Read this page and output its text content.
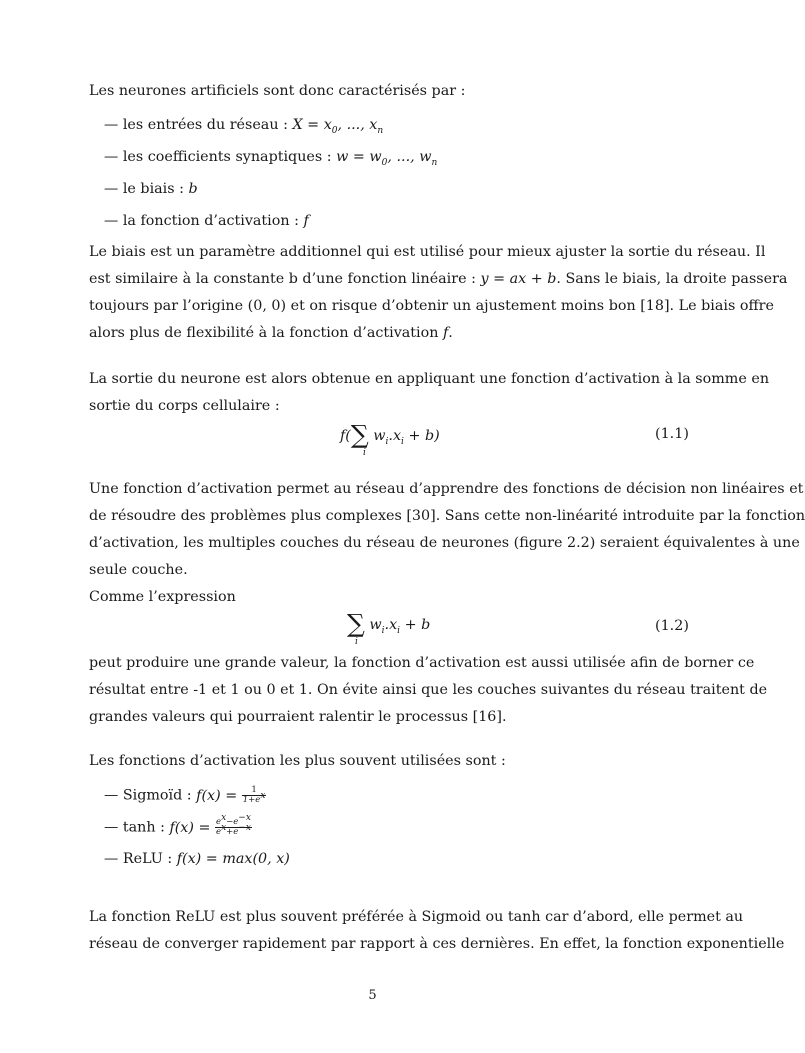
Les neurones artificiels sont donc caractérisés par :
— les entrées du réseau : $X = x_0$, ..., $x_n$
— les coefficients synaptiques : $w = w_0$, ..., $w_n$
— le biais : b
— la fonction d’activation : f
Le biais est un paramètre additionnel qui est utilisé pour mieux ajuster la sortie du réseau. Il
est similaire à la constante b d’une fonction linéaire : y = ax + b. Sans le biais, la droite passera
toujours par l’origine (0, 0) et on risque d’obtenir un ajustement moins bon [18]. Le biais offre
alors plus de flexibilité à la fonction d’activation f.
La sortie du neurone est alors obtenue en appliquant une fonction d’activation à la somme en
sortie du corps cellulaire :
f(∑ $w_i.x_i + b$)
i
(1.1)
Une fonction d’activation permet au réseau d’apprendre des fonctions de décision non linéaires et
de résoudre des problèmes plus complexes [30]. Sans cette non-linéarité introduite par la fonction
d’activation, les multiples couches du réseau de neurones (figure 2.2) seraient équivalentes à une
seule couche.
Comme l’expression
∑ $w_i.x_i + b$
i
(1.2)
peut produire une grande valeur, la fonction d’activation est aussi utilisée afin de borner ce
résultat entre -1 et 1 ou 0 et 1. On évite ainsi que les couches suivantes du réseau traitent de
grandes valeurs qui pourraient ralentir le processus [16].
Les fonctions d’activation les plus souvent utilisées sont :
— Sigmoïd : $f(x) = \frac{1}{1+e^x}$
— tanh : $f(x) = \frac{e^x-e^{-x}}{e^x+e^{-x}}$
— ReLU : f(x) = max(0, x)
La fonction ReLU est plus souvent préférée à Sigmoid ou tanh car d’abord, elle permet au
réseau de converger rapidement par rapport à ces dernières. En effet, la fonction exponentielle
5
